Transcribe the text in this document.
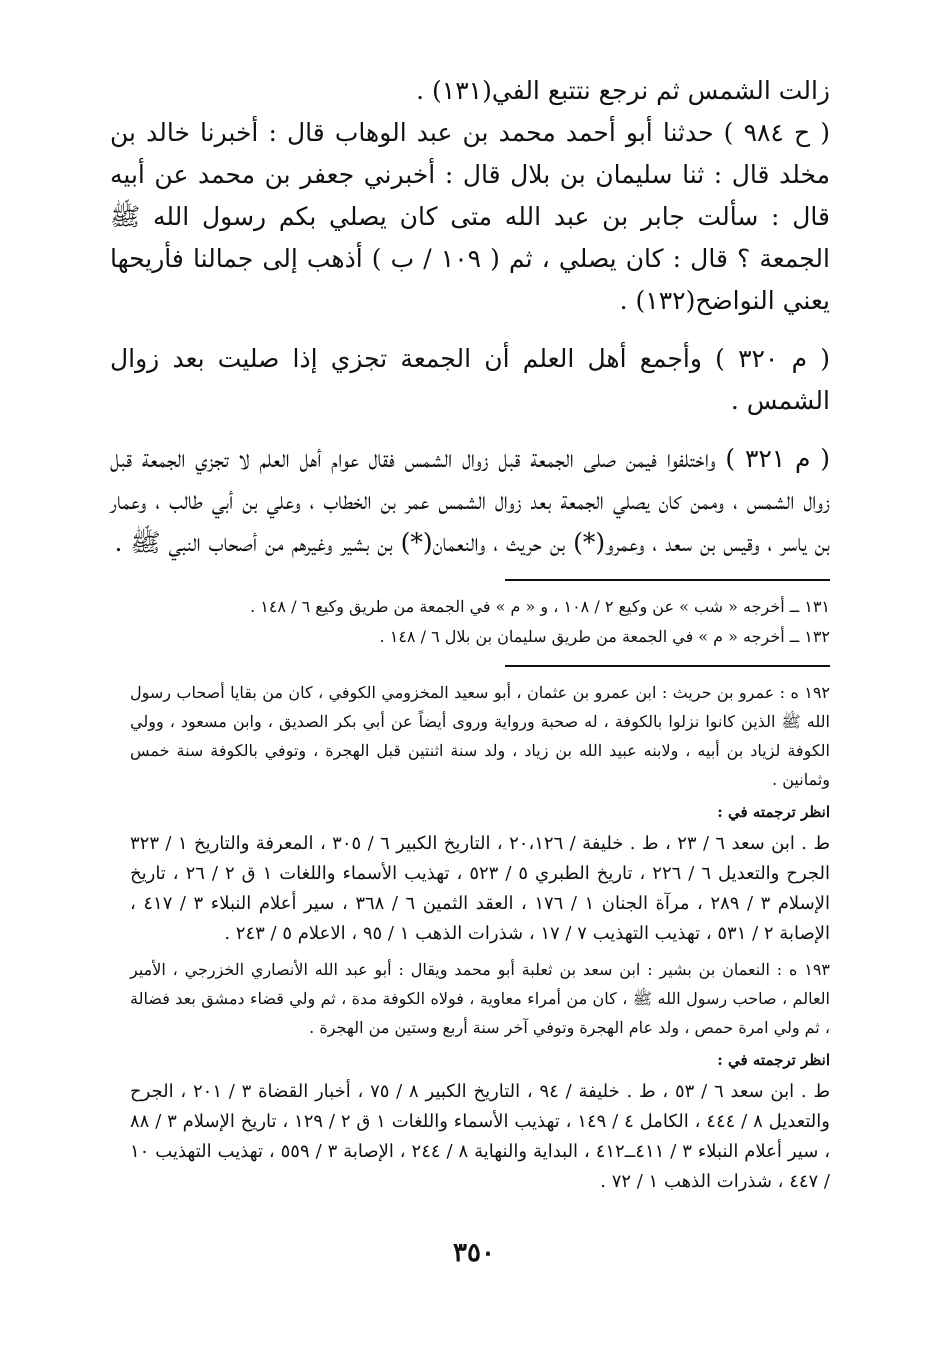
زالت الشمس ثم نرجع نتتبع الفي(١٣١) .

( ح ٩٨٤ ) حدثنا أبو أحمد محمد بن عبد الوهاب قال : أخبرنا خالد بن مخلد قال : ثنا سليمان بن بلال قال : أخبرني جعفر بن محمد عن أبيه قال : سألت جابر بن عبد الله متى كان يصلي بكم رسول الله ﷺ الجمعة ؟ قال : كان يصلي ، ثم ( ١٠٩ / ب ) أذهب إلى جمالنا فأريحها يعني النواضح(١٣٢) .

( م ٣٢٠ ) وأجمع أهل العلم أن الجمعة تجزي إذا صليت بعد زوال الشمس .

( م ٣٢١ ) واختلفوا فيمن صلى الجمعة قبل زوال الشمس فقال عوام أهل العلم لا تجزي الجمعة قبل زوال الشمس ، وممن كان يصلي الجمعة بعد زوال الشمس عمر بن الخطاب ، وعلي بن أبي طالب ، وعمار بن ياسر ، وقيس بن سعد ، وعمرو(*) بن حريث ، والنعمان(*) بن بشير وغيرهم من أصحاب النبي ﷺ .

١٣١ ــ أخرجه « شب » عن وكيع ٢ / ١٠٨ ، و « م » في الجمعة من طريق وكيع ٦ / ١٤٨ .

١٣٢ ــ أخرجه « م » في الجمعة من طريق سليمان بن بلال ٦ / ١٤٨ .

١٩٢ ه : عمرو بن حريث : ابن عمرو بن عثمان ، أبو سعيد المخزومي الكوفي ، كان من بقايا أصحاب رسول الله ﷺ الذين كانوا نزلوا بالكوفة ، له صحبة ورواية وروى أيضاً عن أبي بكر الصديق ، وابن مسعود ، وولي الكوفة لزياد بن أبيه ، ولابنه عبيد الله بن زياد ، ولد سنة اثنتين قبل الهجرة ، وتوفي بالكوفة سنة خمس وثمانين .

انظر ترجمته في :

ط . ابن سعد ٦ / ٢٣ ، ط . خليفة / ٢٠،١٢٦ ، التاريخ الكبير ٦ / ٣٠٥ ، المعرفة والتاريخ ١ / ٣٢٣ الجرح والتعديل ٦ / ٢٢٦ ، تاريخ الطبري ٥ / ٥٢٣ ، تهذيب الأسماء واللغات ١ ق ٢ / ٢٦ ، تاريخ الإسلام ٣ / ٢٨٩ ، مرآة الجنان ١ / ١٧٦ ، العقد الثمين ٦ / ٣٦٨ ، سير أعلام النبلاء ٣ / ٤١٧ ، الإصابة ٢ / ٥٣١ ، تهذيب التهذيب ٧ / ١٧ ، شذرات الذهب ١ / ٩٥ ، الاعلام ٥ / ٢٤٣ .

١٩٣ ه : النعمان بن بشير : ابن سعد بن ثعلبة أبو محمد ويقال : أبو عبد الله الأنصاري الخزرجي ، الأمير العالم ، صاحب رسول الله ﷺ ، كان من أمراء معاوية ، فولاه الكوفة مدة ، ثم ولي قضاء دمشق بعد فضالة ، ثم ولي امرة حمص ، ولد عام الهجرة وتوفي آخر سنة أربع وستين من الهجرة .

انظر ترجمته في :

ط . ابن سعد ٦ / ٥٣ ، ط . خليفة / ٩٤ ، التاريخ الكبير ٨ / ٧٥ ، أخبار القضاة ٣ / ٢٠١ ، الجرح والتعديل ٨ / ٤٤٤ ، الكامل ٤ / ١٤٩ ، تهذيب الأسماء واللغات ١ ق ٢ / ١٢٩ ، تاريخ الإسلام ٣ / ٨٨ ، سير أعلام النبلاء ٣ / ٤١١ــ٤١٢ ، البداية والنهاية ٨ / ٢٤٤ ، الإصابة ٣ / ٥٥٩ ، تهذيب التهذيب ١٠ / ٤٤٧ ، شذرات الذهب ١ / ٧٢ .

٣٥٠
